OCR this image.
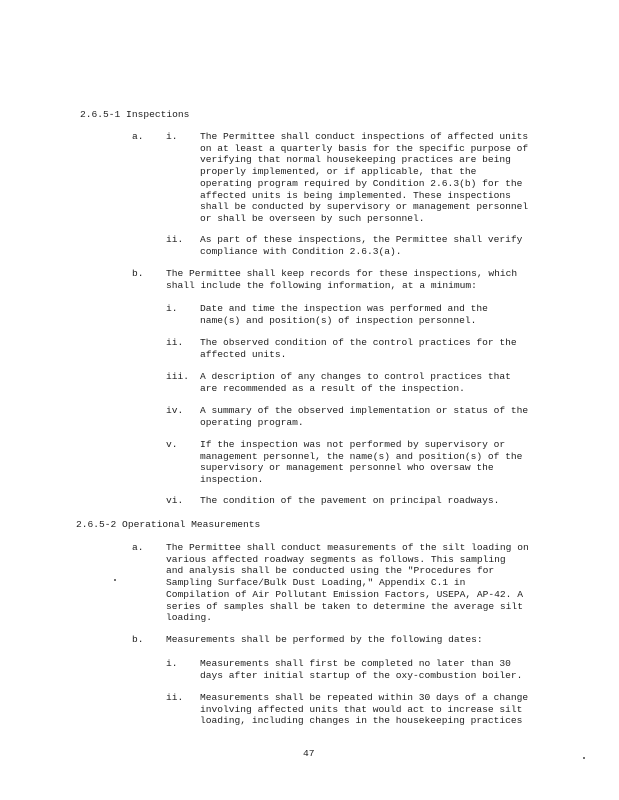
2.6.5-1 Inspections
a. i. The Permittee shall conduct inspections of affected units
on at least a quarterly basis for the specific purpose of
verifying that normal housekeeping practices are being
properly implemented, or if applicable, that the
operating program required by Condition 2.6.3(b) for the
affected units is being implemented. These inspections
shall be conducted by supervisory or management personnel
or shall be overseen by such personnel.
ii. As part of these inspections, the Permittee shall verify
compliance with Condition 2.6.3(a).
b. The Permittee shall keep records for these inspections, which
shall include the following information, at a minimum:
i. Date and time the inspection was performed and the
name(s) and position(s) of inspection personnel.
ii. The observed condition of the control practices for the
affected units.
iii. A description of any changes to control practices that
are recommended as a result of the inspection.
iv. A summary of the observed implementation or status of the
operating program.
v. If the inspection was not performed by supervisory or
management personnel, the name(s) and position(s) of the
supervisory or management personnel who oversaw the
inspection.
vi. The condition of the pavement on principal roadways.
2.6.5-2 Operational Measurements
a. The Permittee shall conduct measurements of the silt loading on
various affected roadway segments as follows. This sampling
and analysis shall be conducted using the "Procedures for
Sampling Surface/Bulk Dust Loading," Appendix C.1 in
Compilation of Air Pollutant Emission Factors, USEPA, AP-42. A
series of samples shall be taken to determine the average silt
loading.
b. Measurements shall be performed by the following dates:
i. Measurements shall first be completed no later than 30
days after initial startup of the oxy-combustion boiler.
ii. Measurements shall be repeated within 30 days of a change
involving affected units that would act to increase silt
loading, including changes in the housekeeping practices
47
